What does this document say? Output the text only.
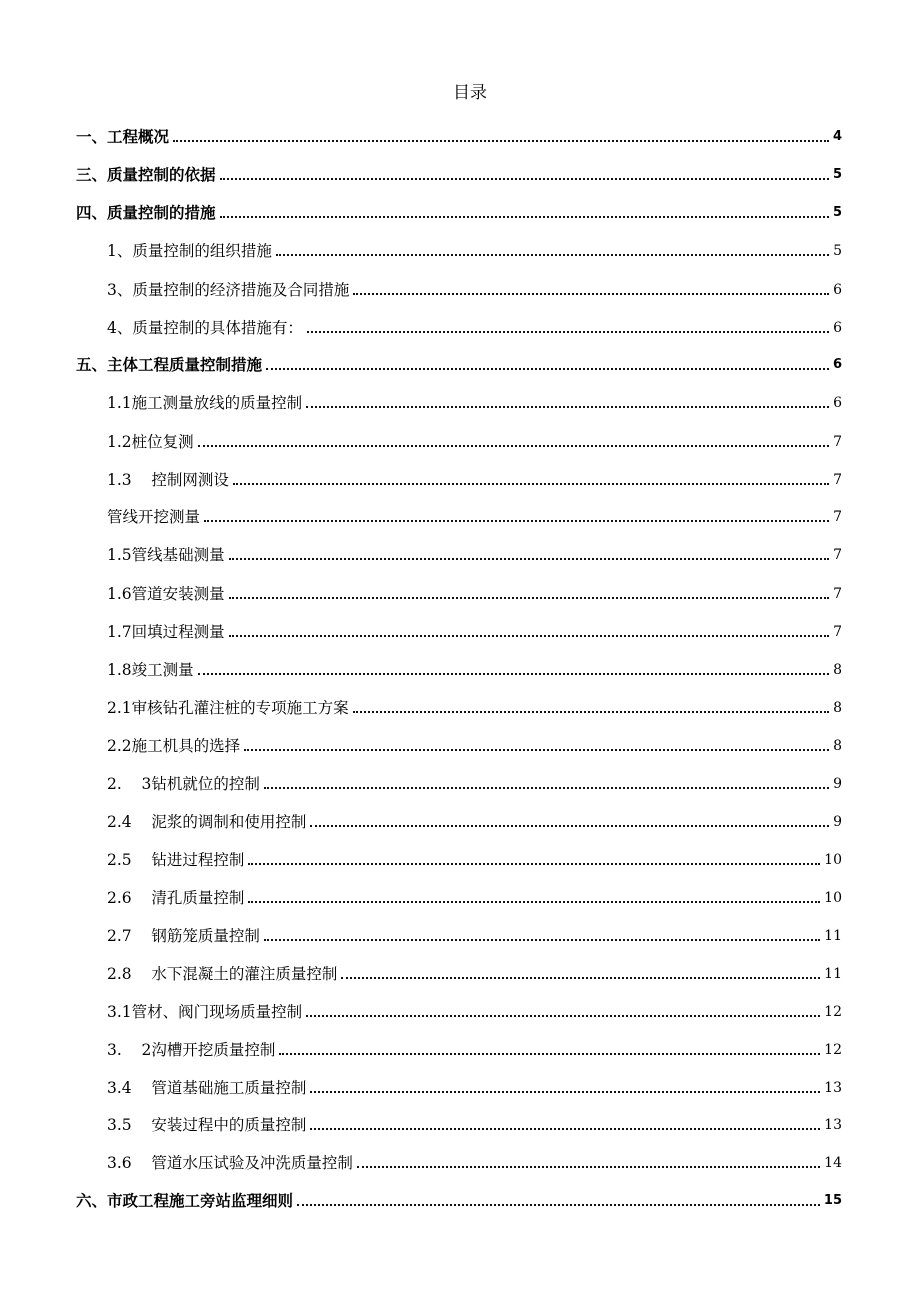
目录
一、工程概况	4
三、质量控制的依据	5
四、质量控制的措施	5
1、质量控制的组织措施	5
3、质量控制的经济措施及合同措施	6
4、质量控制的具体措施有：	6
五、主体工程质量控制措施	6
1.1施工测量放线的质量控制	6
1.2桩位复测	7
1.3    控制网测设	7
管线开挖测量	7
1.5管线基础测量	7
1.6管道安装测量	7
1.7回填过程测量	7
1.8竣工测量	8
2.1审核钻孔灌注桩的专项施工方案	8
2.2施工机具的选择	8
2.    3钻机就位的控制	9
2.4    泥浆的调制和使用控制	9
2.5    钻进过程控制	10
2.6    清孔质量控制	10
2.7    钢筋笼质量控制	11
2.8    水下混凝土的灌注质量控制	11
3.1管材、阀门现场质量控制	12
3.    2沟槽开挖质量控制	12
3.4    管道基础施工质量控制	13
3.5    安装过程中的质量控制	13
3.6    管道水压试验及冲洗质量控制	14
六、市政工程施工旁站监理细则	15
